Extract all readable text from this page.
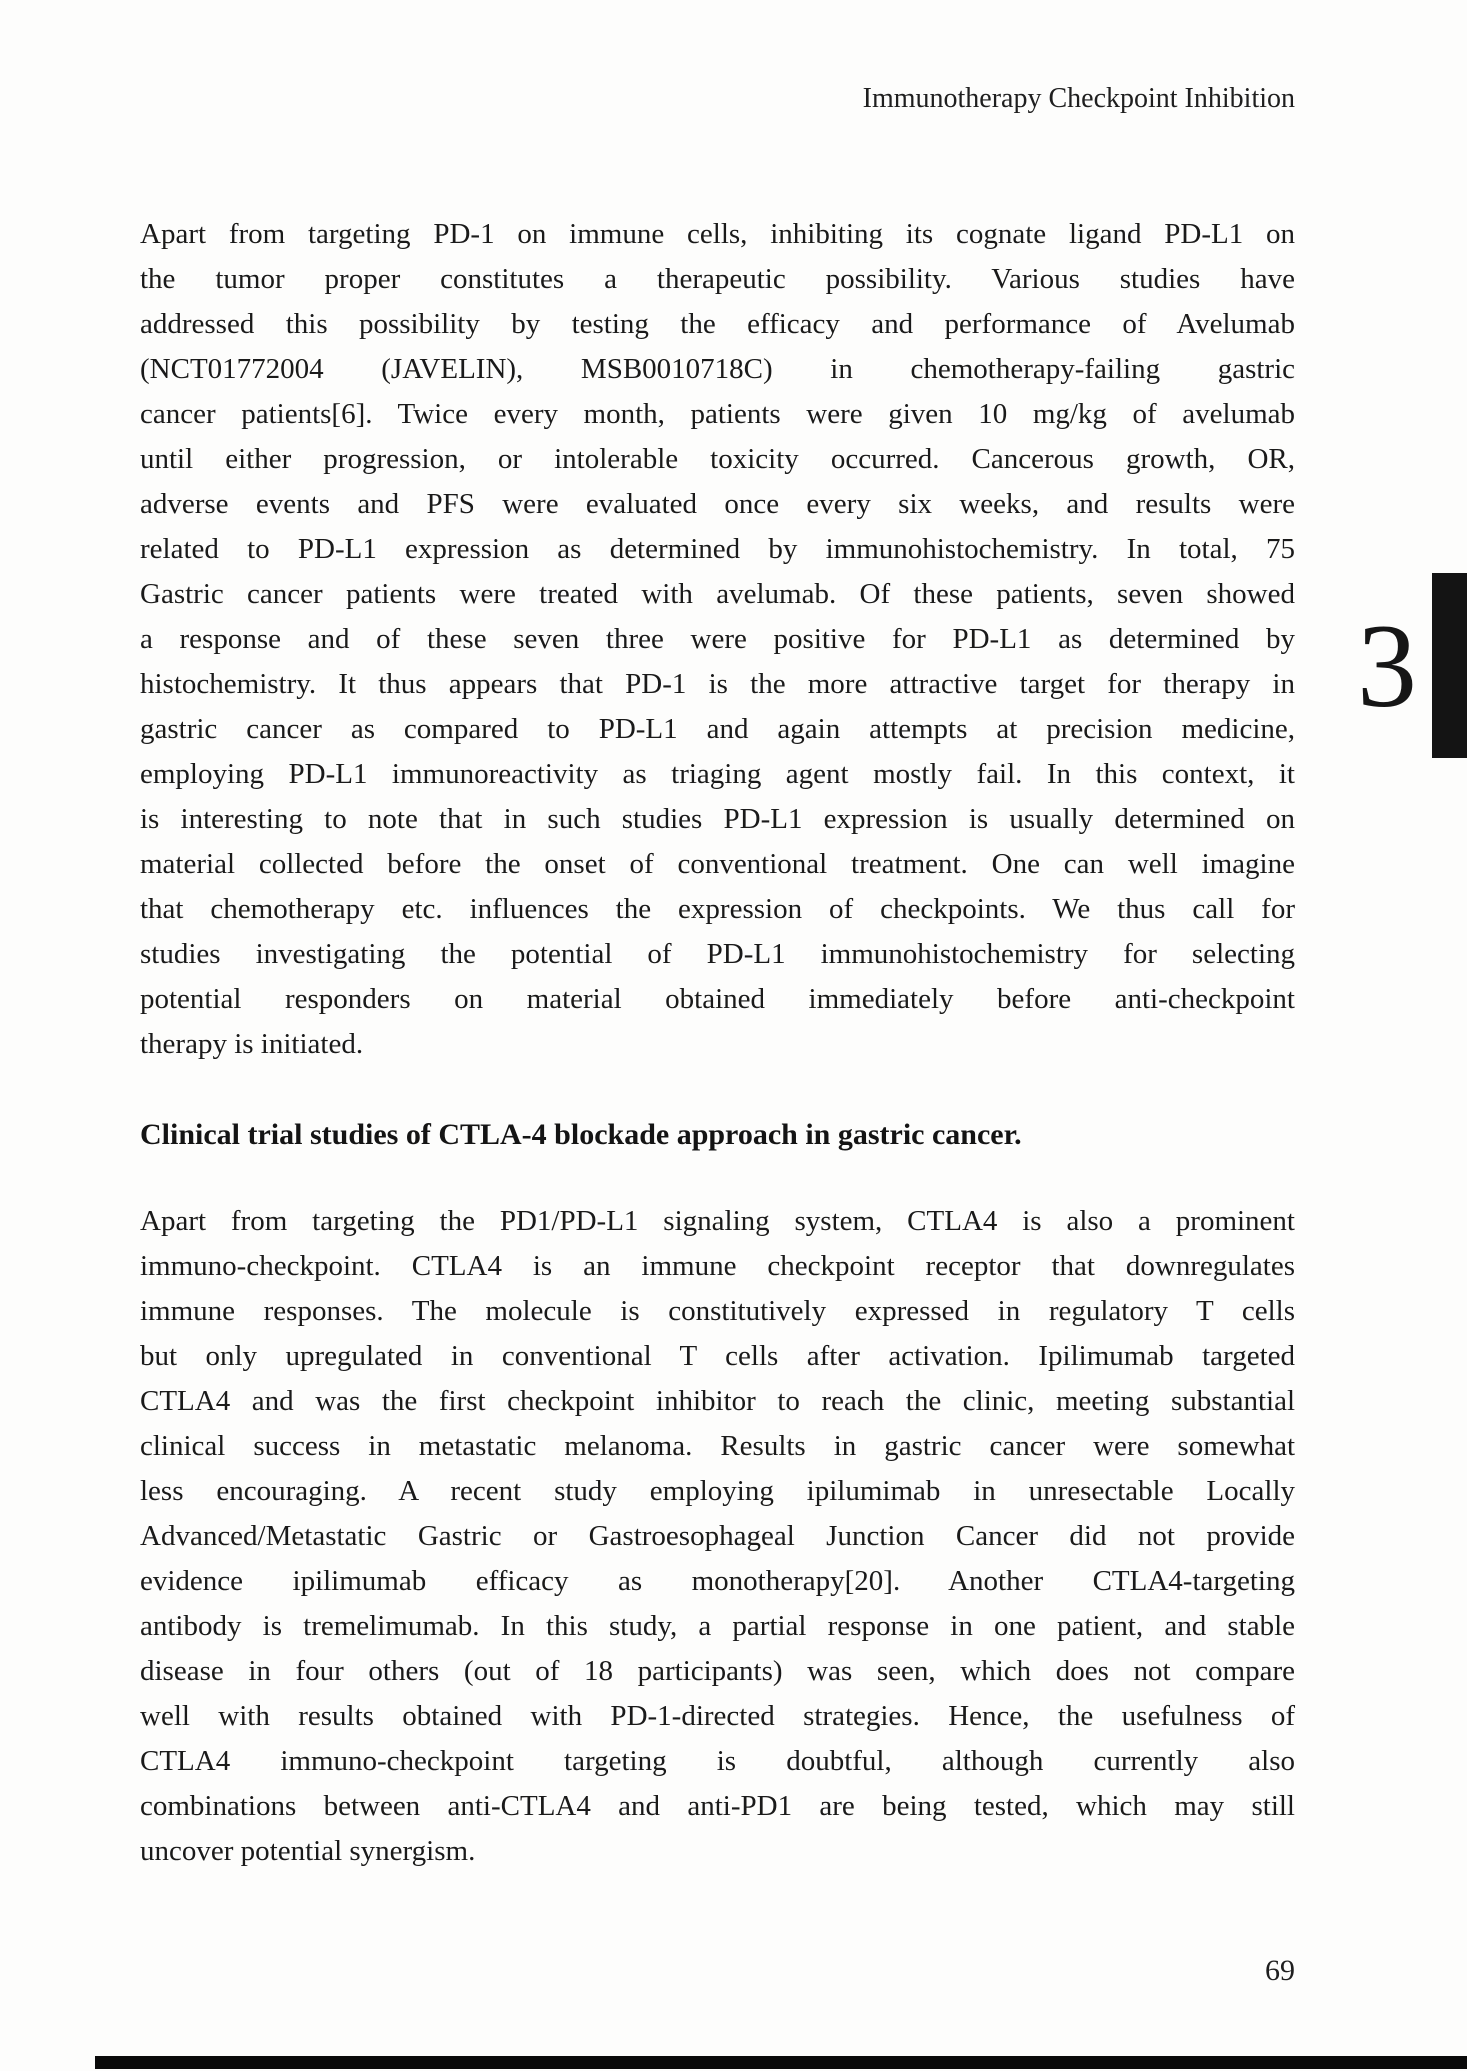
Immunotherapy Checkpoint Inhibition
Apart from targeting PD-1 on immune cells, inhibiting its cognate ligand PD-L1 on
the tumor proper constitutes a therapeutic possibility. Various studies have
addressed this possibility by testing the efficacy and performance of Avelumab
(NCT01772004 (JAVELIN), MSB0010718C) in chemotherapy-failing gastric
cancer patients[6]. Twice every month, patients were given 10 mg/kg of avelumab
until either progression, or intolerable toxicity occurred. Cancerous growth, OR,
adverse events and PFS were evaluated once every six weeks, and results were
related to PD-L1 expression as determined by immunohistochemistry. In total, 75
Gastric cancer patients were treated with avelumab. Of these patients, seven showed
a response and of these seven three were positive for PD-L1 as determined by
histochemistry. It thus appears that PD-1 is the more attractive target for therapy in
gastric cancer as compared to PD-L1 and again attempts at precision medicine,
employing PD-L1 immunoreactivity as triaging agent mostly fail. In this context, it
is interesting to note that in such studies PD-L1 expression is usually determined on
material collected before the onset of conventional treatment. One can well imagine
that chemotherapy etc. influences the expression of checkpoints. We thus call for
studies investigating the potential of PD-L1 immunohistochemistry for selecting
potential responders on material obtained immediately before anti-checkpoint
therapy is initiated.
Clinical trial studies of CTLA-4 blockade approach in gastric cancer.
Apart from targeting the PD1/PD-L1 signaling system, CTLA4 is also a prominent
immuno-checkpoint. CTLA4 is an immune checkpoint receptor that downregulates
immune responses. The molecule is constitutively expressed in regulatory T cells
but only upregulated in conventional T cells after activation. Ipilimumab targeted
CTLA4 and was the first checkpoint inhibitor to reach the clinic, meeting substantial
clinical success in metastatic melanoma. Results in gastric cancer were somewhat
less encouraging. A recent study employing ipilumimab in unresectable Locally
Advanced/Metastatic Gastric or Gastroesophageal Junction Cancer did not provide
evidence ipilimumab efficacy as monotherapy[20]. Another CTLA4-targeting
antibody is tremelimumab. In this study, a partial response in one patient, and stable
disease in four others (out of 18 participants) was seen, which does not compare
well with results obtained with PD-1-directed strategies. Hence, the usefulness of
CTLA4 immuno-checkpoint targeting is doubtful, although currently also
combinations between anti-CTLA4 and anti-PD1 are being tested, which may still
uncover potential synergism.
3
69
